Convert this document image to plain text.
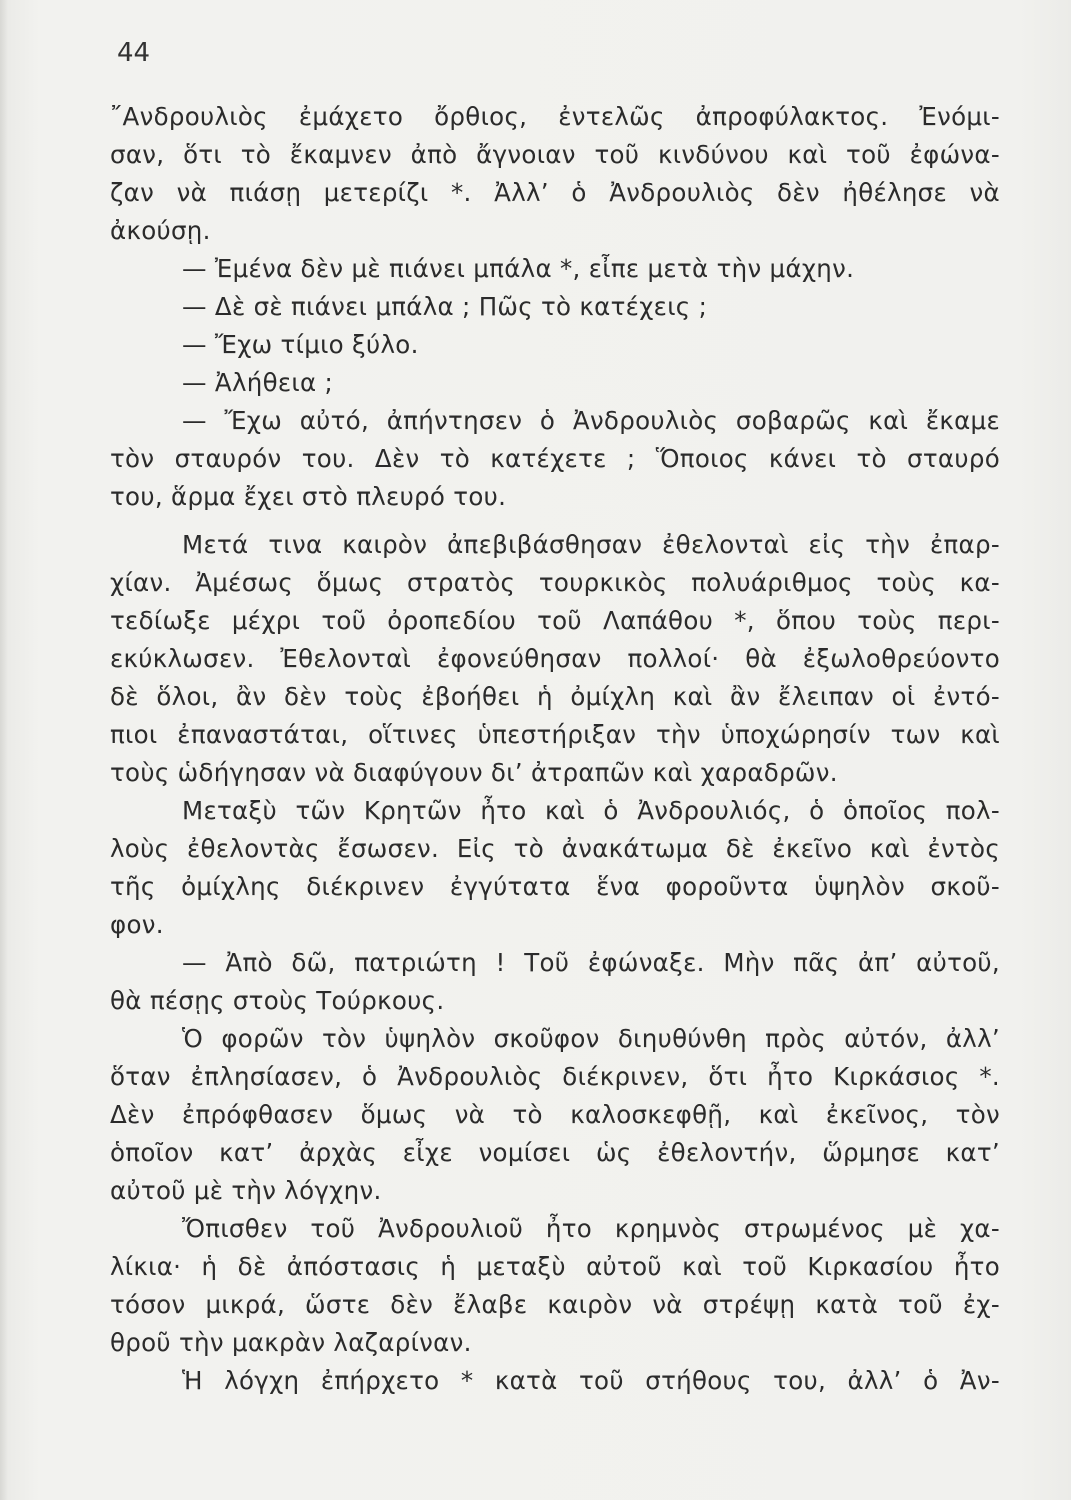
44
῎Ανδρουλιὸς ἐμάχετο ὄρθιος, ἐντελῶς ἀπροφύλακτος. Ἐνόμι-
σαν, ὅτι τὸ ἔκαμνεν ἀπὸ ἄγνοιαν τοῦ κινδύνου καὶ τοῦ ἐφώνα-
ζαν νὰ πιάσῃ μετερίζι *. Ἀλλ’ ὁ Ἀνδρουλιὸς δὲν ἠθέλησε νὰ
ἀκούσῃ.
— Ἐμένα δὲν μὲ πιάνει μπάλα *, εἶπε μετὰ τὴν μάχην.
— Δὲ σὲ πιάνει μπάλα ; Πῶς τὸ κατέχεις ;
— Ἔχω τίμιο ξύλο.
— Ἀλήθεια ;
— Ἔχω αὐτό, ἀπήντησεν ὁ Ἀνδρουλιὸς σοβαρῶς καὶ ἔκαμε
τὸν σταυρόν του. Δὲν τὸ κατέχετε ; Ὅποιος κάνει τὸ σταυρό
του, ἅρμα ἔχει στὸ πλευρό του.
Μετά τινα καιρὸν ἀπεβιβάσθησαν ἐθελονταὶ εἰς τὴν ἐπαρ-
χίαν. Ἀμέσως ὅμως στρατὸς τουρκικὸς πολυάριθμος τοὺς κα-
τεδίωξε μέχρι τοῦ ὀροπεδίου τοῦ Λαπάθου *, ὅπου τοὺς περι-
εκύκλωσεν. Ἐθελονταὶ ἐφονεύθησαν πολλοί· θὰ ἐξωλοθρεύοντο
δὲ ὅλοι, ἂν δὲν τοὺς ἐβοήθει ἡ ὀμίχλη καὶ ἂν ἔλειπαν οἱ ἐντό-
πιοι ἐπαναστάται, οἵτινες ὑπεστήριξαν τὴν ὑποχώρησίν των καὶ
τοὺς ὡδήγησαν νὰ διαφύγουν δι’ ἀτραπῶν καὶ χαραδρῶν.
Μεταξὺ τῶν Κρητῶν ἦτο καὶ ὁ Ἀνδρουλιός, ὁ ὁποῖος πολ-
λοὺς ἐθελοντὰς ἔσωσεν. Εἰς τὸ ἀνακάτωμα δὲ ἐκεῖνο καὶ ἐντὸς
τῆς ὀμίχλης διέκρινεν ἐγγύτατα ἕνα φοροῦντα ὑψηλὸν σκοῦ-
φον.
— Ἀπὸ δῶ, πατριώτη ! Τοῦ ἐφώναξε. Μὴν πᾶς ἀπ’ αὐτοῦ,
θὰ πέσῃς στοὺς Τούρκους.
Ὁ φορῶν τὸν ὑψηλὸν σκοῦφον διηυθύνθη πρὸς αὐτόν, ἀλλ’
ὅταν ἐπλησίασεν, ὁ Ἀνδρουλιὸς διέκρινεν, ὅτι ἦτο Κιρκάσιος *.
Δὲν ἐπρόφθασεν ὅμως νὰ τὸ καλοσκεφθῇ, καὶ ἐκεῖνος, τὸν
ὁποῖον κατ’ ἀρχὰς εἶχε νομίσει ὡς ἐθελοντήν, ὥρμησε κατ’
αὐτοῦ μὲ τὴν λόγχην.
Ὄπισθεν τοῦ Ἀνδρουλιοῦ ἦτο κρημνὸς στρωμένος μὲ χα-
λίκια· ἡ δὲ ἀπόστασις ἡ μεταξὺ αὐτοῦ καὶ τοῦ Κιρκασίου ἦτο
τόσον μικρά, ὥστε δὲν ἔλαβε καιρὸν νὰ στρέψῃ κατὰ τοῦ ἐχ-
θροῦ τὴν μακρὰν λαζαρίναν.
Ἡ λόγχη ἐπήρχετο * κατὰ τοῦ στήθους του, ἀλλ’ ὁ Ἀν-
